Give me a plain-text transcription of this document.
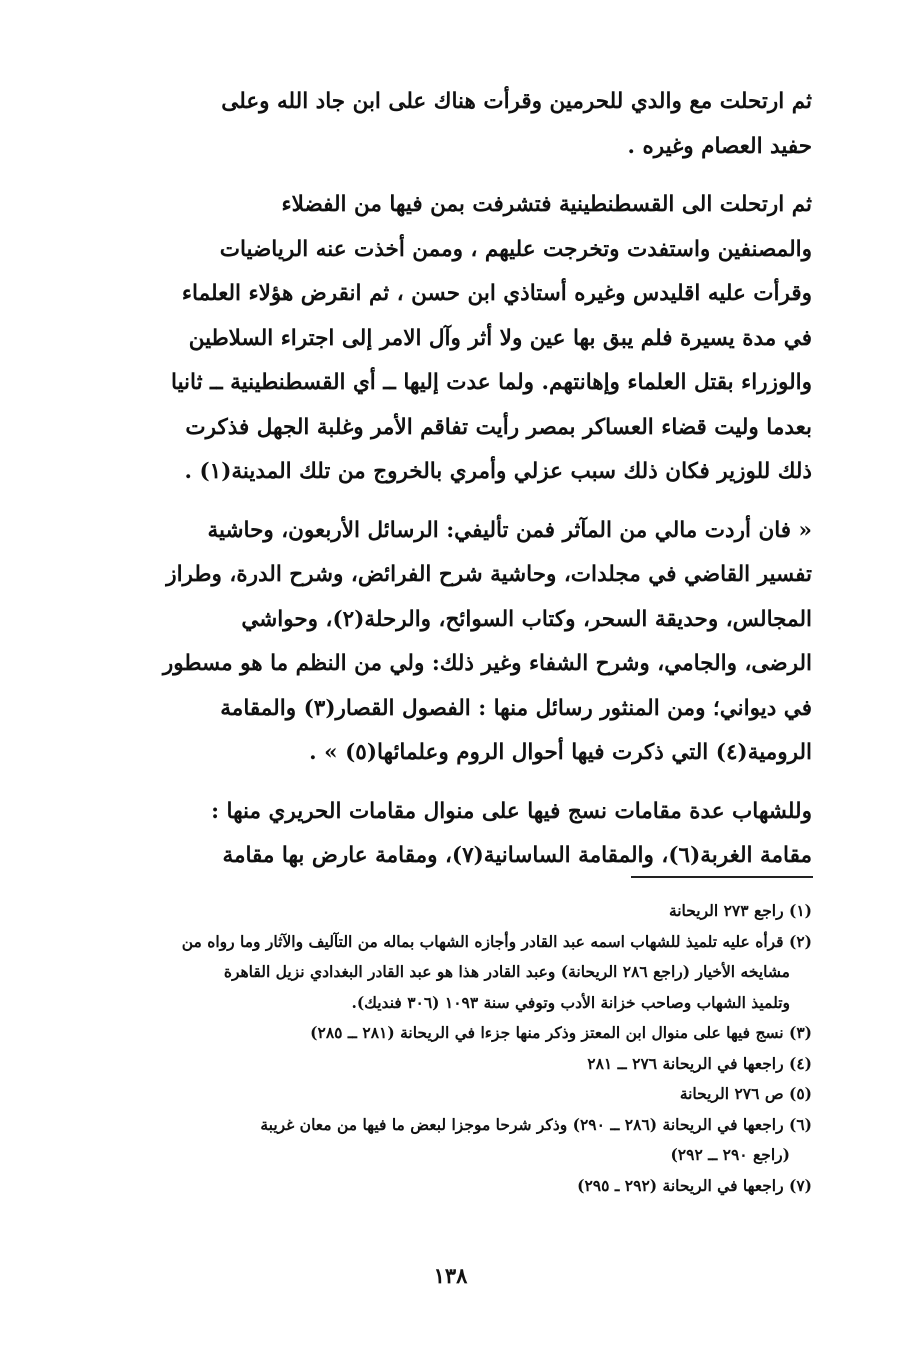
ثم ارتحلت مع والدي للحرمين وقرأت هناك على ابن جاد الله وعلى
حفيد العصام وغيره .

ثم ارتحلت الى القسطنطينية فتشرفت بمن فيها من الفضلاء
والمصنفين واستفدت وتخرجت عليهم ، وممن أخذت عنه الرياضيات
وقرأت عليه اقليدس وغيره أستاذي ابن حسن ، ثم انقرض هؤلاء العلماء
في مدة يسيرة فلم يبق بها عين ولا أثر وآل الامر إلى اجتراء السلاطين
والوزراء بقتل العلماء وإهانتهم. ولما عدت إليها ــ أي القسطنطينية ــ ثانيا
بعدما وليت قضاء العساكر بمصر رأيت تفاقم الأمر وغلبة الجهل فذكرت
ذلك للوزير فكان ذلك سبب عزلي وأمري بالخروج من تلك المدينة(١) .

« فان أردت مالي من المآثر فمن تأليفي: الرسائل الأربعون، وحاشية
تفسير القاضي في مجلدات، وحاشية شرح الفرائض، وشرح الدرة، وطراز
المجالس، وحديقة السحر، وكتاب السوائح، والرحلة(٢)، وحواشي
الرضى، والجامي، وشرح الشفاء وغير ذلك: ولي من النظم ما هو مسطور
في ديواني؛ ومن المنثور رسائل منها : الفصول القصار(٣) والمقامة
الرومية(٤) التي ذكرت فيها أحوال الروم وعلمائها(٥) » .

وللشهاب عدة مقامات نسج فيها على منوال مقامات الحريري منها :
مقامة الغربة(٦)، والمقامة الساسانية(٧)، ومقامة عارض بها مقامة

(١) راجع ٢٧٣ الريحانة
(٢) قرأه عليه تلميذ للشهاب اسمه عبد القادر وأجازه الشهاب بماله من التآليف والآثار وما رواه من
مشايخه الأخيار (راجع ٢٨٦ الريحانة) وعبد القادر هذا هو عبد القادر البغدادي نزيل القاهرة
وتلميذ الشهاب وصاحب خزانة الأدب وتوفي سنة ١٠٩٣ (٣٠٦ فنديك).
(٣) نسج فيها على منوال ابن المعتز وذكر منها جزءا في الريحانة (٢٨١ ــ ٢٨٥)
(٤) راجعها في الريحانة ٢٧٦ ــ ٢٨١
(٥) ص ٢٧٦ الريحانة
(٦) راجعها في الريحانة (٢٨٦ ــ ٢٩٠) وذكر شرحا موجزا لبعض ما فيها من معان غريبة
(راجع ٢٩٠ ــ ٢٩٢)
(٧) راجعها في الريحانة (٢٩٢ ـ ٢٩٥)
١٣٨
